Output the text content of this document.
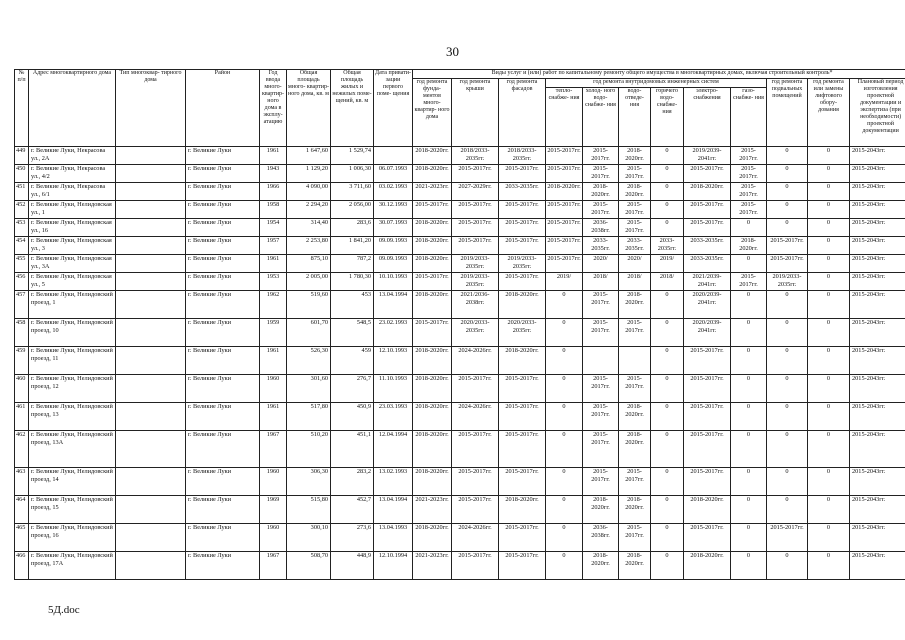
30
№ п/п	Адрес многоквартирного дома	Тип многоквар- тирного дома	Район	Год ввода много- квартир- ного дома в эксплу- атацию	Общая площадь много- квартир- ного дома, кв. м	Общая площадь жилых и нежилых поме- щений, кв. м	Дата привати- зации первого поме- щения	Виды услуг и (или) работ по капитальному ремонту общего имущества в многоквартирных домах, включая строительный контроль*											
								год ремонта фунда- ментов много- квартир- ного дома	год ремонта крыши	год ремонта фасадов	год ремонта внутридомовых инженерных систем						год ремонта подвальных помещений	год ремонта или замены лифтового обору- дования	Плановый период изготовления проектной документации и экспертиза (при необходимости) проектной документации
											тепло- снабже- ния	холод- ного водо- снабже- ния	водо- отведе- ния	горячего водо- снабже- ния	электро- снабжения	газо- снабже- ния			
449	г. Великие Луки, Некрасова ул., 2А		г. Великие Луки	1961	1 647,60	1 529,74		2018-2020гг.	2018/2033-2035гг.	2018/2033-2035гг.	2015-2017гг.	2015-2017гг.	2018-2020гг.	0	2019/2039-2041гг.	2015-2017гг.	0	0	2015-2043гг.
450	г. Великие Луки, Некрасова ул., 4/2		г. Великие Луки	1943	1 129,20	1 006,30	06.07.1993	2018-2020гг.	2015-2017гг.	2015-2017гг.	2015-2017гг.	2015-2017гг.	2015-2017гг.	0	2015-2017гг.	2015-2017гг.	0	0	2015-2043гг.
451	г. Великие Луки, Некрасова ул., 6/1		г. Великие Луки	1966	4 090,00	3 711,60	03.02.1993	2021-2023гг.	2027-2029гг.	2033-2035гг.	2018-2020гг.	2018-2020гг.	2018-2020гг.	0	2018-2020гг.	2015-2017гг.	0	0	2015-2043гг.
452	г. Великие Луки, Нелидовская ул., 1		г. Великие Луки	1958	2 294,20	2 056,00	30.12.1993	2015-2017гг.	2015-2017гг.	2015-2017гг.	2015-2017гг.	2015-2017гг.	2015-2017гг.	0	2015-2017гг.	2015-2017гг.	0	0	2015-2043гг.
453	г. Великие Луки, Нелидовская ул., 16		г. Великие Луки	1954	314,40	283,6	30.07.1993	2018-2020гг.	2015-2017гг.	2015-2017гг.	2015-2017гг.	2036-2038гг.	2015-2017гг.	0	2015-2017гг.	0	0	0	2015-2043гг.
454	г. Великие Луки, Нелидовская ул., 3		г. Великие Луки	1957	2 253,80	1 841,20	09.09.1993	2018-2020гг.	2015-2017гг.	2015-2017гг.	2015-2017гг.	2033-2035гг.	2033-2035гг.	2033-2035гг.	2033-2035гг.	2018-2020гг.	2015-2017гг.	0	2015-2043гг.
455	г. Великие Луки, Нелидовская ул., 3А		г. Великие Луки	1961	875,10	787,2	09.09.1993	2018-2020гг.	2019/2033-2035гг.	2019/2033-2035гг.	2015-2017гг.	2020/	2020/	2019/	2033-2035гг.	0	2015-2017гг.	0	2015-2043гг.
456	г. Великие Луки, Нелидовская ул., 5		г. Великие Луки	1953	2 005,00	1 780,30	10.10.1993	2015-2017гг.	2019/2033-2035гг.	2015-2017гг.	2019/	2018/	2018/	2018/	2021/2039-2041гг.	2015-2017гг.	2019/2033-2035гг.	0	2015-2043гг.
457	г. Великие Луки, Нелидовский проезд, 1		г. Великие Луки	1962	519,60	453	13.04.1994	2018-2020гг.	2021/2036-2038гг.	2018-2020гг.	0	2015-2017гг.	2018-2020гг.	0	2020/2039-2041гг.	0	0	0	2015-2043гг.
458	г. Великие Луки, Нелидовский проезд, 10		г. Великие Луки	1959	601,70	548,5	23.02.1993	2015-2017гг.	2020/2033-2035гг.	2020/2033-2035гг.	0	2015-2017гг.	2015-2017гг.	0	2020/2039-2041гг.	0	0	0	2015-2043гг.
459	г. Великие Луки, Нелидовский проезд, 11		г. Великие Луки	1961	526,30	459	12.10.1993	2018-2020гг.	2024-2026гг.	2018-2020гг.	0			0	2015-2017гг.	0	0	0	2015-2043гг.
460	г. Великие Луки, Нелидовский проезд, 12		г. Великие Луки	1960	301,60	276,7	11.10.1993	2018-2020гг.	2015-2017гг.	2015-2017гг.	0	2015-2017гг.	2015-2017гг.	0	2015-2017гг.	0	0	0	2015-2043гг.
461	г. Великие Луки, Нелидовский проезд, 13		г. Великие Луки	1961	517,80	450,9	23.03.1993	2018-2020гг.	2024-2026гг.	2015-2017гг.	0	2015-2017гг.	2018-2020гг.	0	2015-2017гг.	0	0	0	2015-2043гг.
462	г. Великие Луки, Нелидовский проезд, 13А		г. Великие Луки	1967	510,20	451,1	12.04.1994	2018-2020гг.	2015-2017гг.	2015-2017гг.	0	2015-2017гг.	2018-2020гг.	0	2015-2017гг.	0	0	0	2015-2043гг.
463	г. Великие Луки, Нелидовский проезд, 14		г. Великие Луки	1960	306,30	283,2	13.02.1993	2018-2020гг.	2015-2017гг.	2015-2017гг.	0	2015-2017гг.	2015-2017гг.	0	2015-2017гг.	0	0	0	2015-2043гг.
464	г. Великие Луки, Нелидовский проезд, 15		г. Великие Луки	1969	515,80	452,7	13.04.1994	2021-2023гг.	2015-2017гг.	2018-2020гг.	0	2018-2020гг.	2018-2020гг.	0	2018-2020гг.	0	0	0	2015-2043гг.
465	г. Великие Луки, Нелидовский проезд, 16		г. Великие Луки	1960	300,10	273,6	13.04.1993	2018-2020гг.	2024-2026гг.	2015-2017гг.	0	2036-2038гг.	2015-2017гг.	0	2015-2017гг.	0	2015-2017гг.	0	2015-2043гг.
466	г. Великие Луки, Нелидовский проезд, 17А		г. Великие Луки	1967	508,70	448,9	12.10.1994	2021-2023гг.	2015-2017гг.	2015-2017гг.	0	2018-2020гг.	2018-2020гг.	0	2018-2020гг.	0	0	0	2015-2043гг.
5Д.doc
